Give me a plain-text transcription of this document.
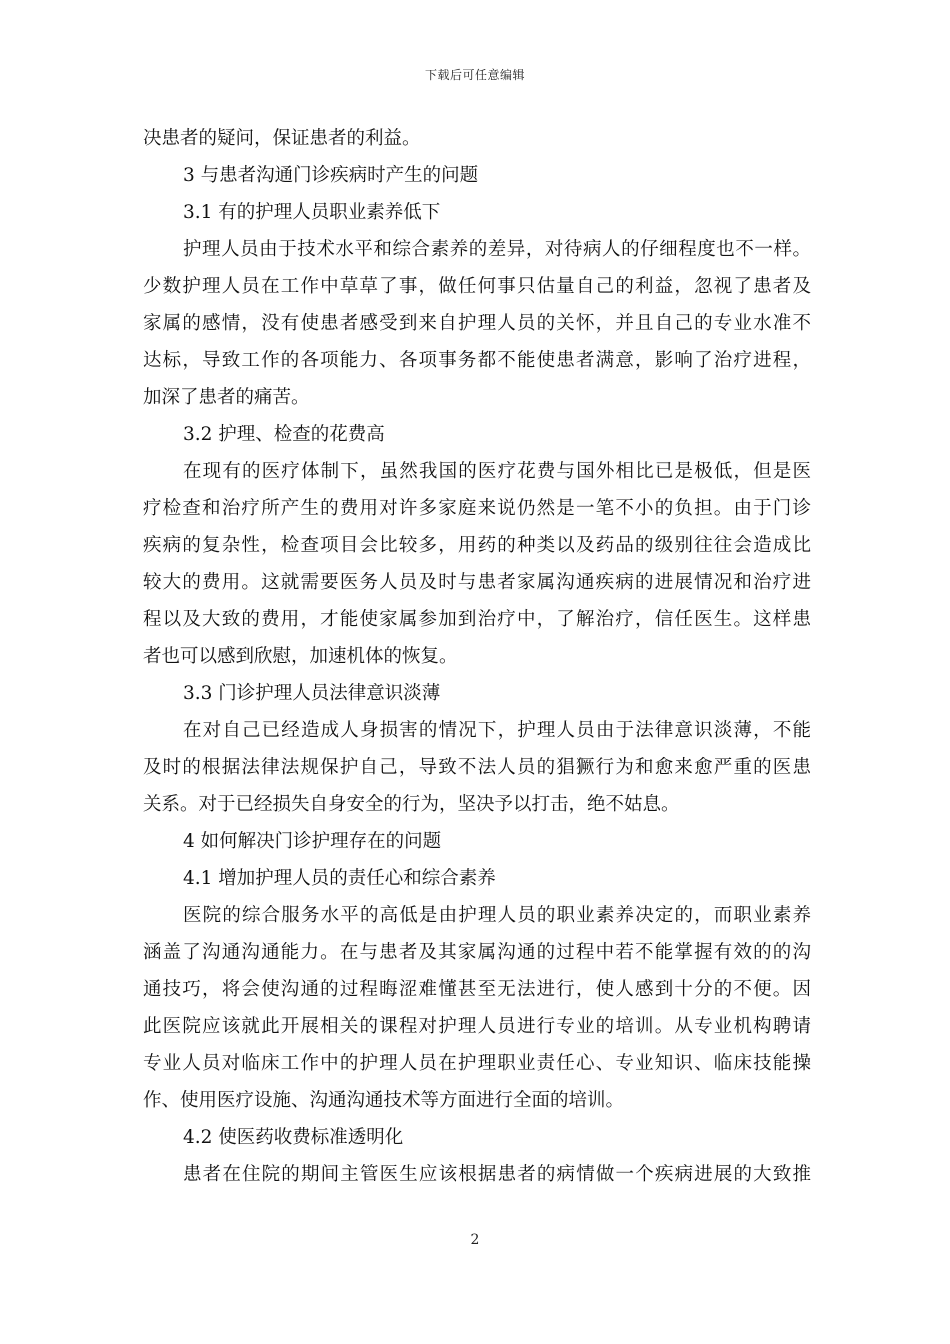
下载后可任意编辑
决患者的疑问，保证患者的利益。
3 与患者沟通门诊疾病时产生的问题
3.1 有的护理人员职业素养低下
护理人员由于技术水平和综合素养的差异，对待病人的仔细程度也不一样。
少数护理人员在工作中草草了事，做任何事只估量自己的利益，忽视了患者及
家属的感情，没有使患者感受到来自护理人员的关怀，并且自己的专业水准不
达标，导致工作的各项能力、各项事务都不能使患者满意，影响了治疗进程，
加深了患者的痛苦。
3.2 护理、检查的花费高
在现有的医疗体制下，虽然我国的医疗花费与国外相比已是极低，但是医
疗检查和治疗所产生的费用对许多家庭来说仍然是一笔不小的负担。由于门诊
疾病的复杂性，检查项目会比较多，用药的种类以及药品的级别往往会造成比
较大的费用。这就需要医务人员及时与患者家属沟通疾病的进展情况和治疗进
程以及大致的费用，才能使家属参加到治疗中，了解治疗，信任医生。这样患
者也可以感到欣慰，加速机体的恢复。
3.3 门诊护理人员法律意识淡薄
在对自己已经造成人身损害的情况下，护理人员由于法律意识淡薄，不能
及时的根据法律法规保护自己，导致不法人员的猖獗行为和愈来愈严重的医患
关系。对于已经损失自身安全的行为，坚决予以打击，绝不姑息。
4 如何解决门诊护理存在的问题
4.1 增加护理人员的责任心和综合素养
医院的综合服务水平的高低是由护理人员的职业素养决定的，而职业素养
涵盖了沟通沟通能力。在与患者及其家属沟通的过程中若不能掌握有效的的沟
通技巧，将会使沟通的过程晦涩难懂甚至无法进行，使人感到十分的不便。因
此医院应该就此开展相关的课程对护理人员进行专业的培训。从专业机构聘请
专业人员对临床工作中的护理人员在护理职业责任心、专业知识、临床技能操
作、使用医疗设施、沟通沟通技术等方面进行全面的培训。
4.2 使医药收费标准透明化
患者在住院的期间主管医生应该根据患者的病情做一个疾病进展的大致推
2
